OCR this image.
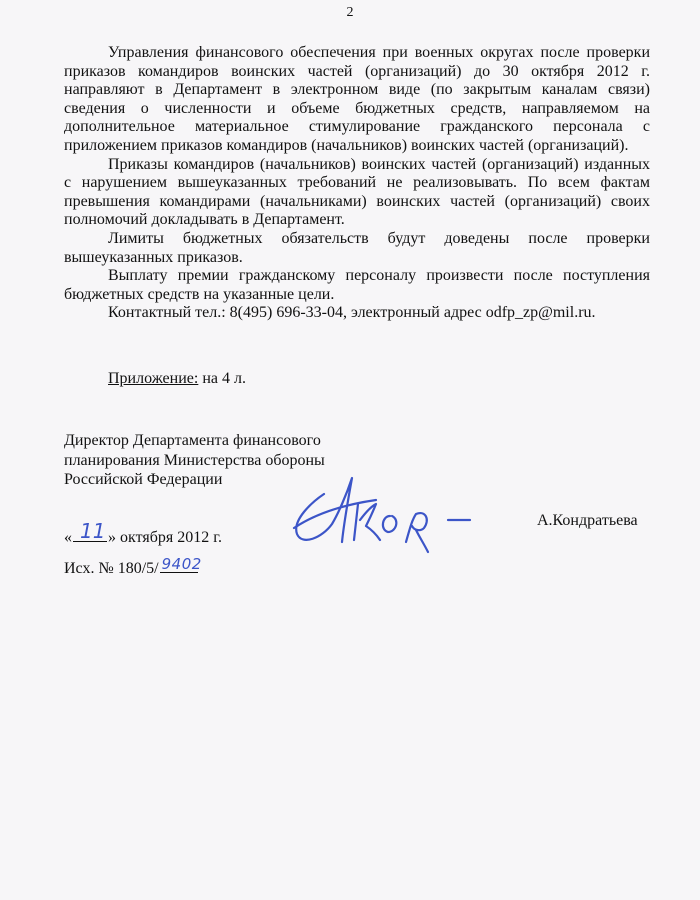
2

Управления финансового обеспечения при военных округах после проверки приказов командиров воинских частей (организаций) до 30 октября 2012 г. направляют в Департамент в электронном виде (по закрытым каналам связи) сведения о численности и объеме бюджетных средств, направляемом на дополнительное материальное стимулирование гражданского персонала с приложением приказов командиров (начальников) воинских частей (организаций).

Приказы командиров (начальников) воинских частей (организаций) изданных с нарушением вышеуказанных требований не реализовывать. По всем фактам превышения командирами (начальниками) воинских частей (организаций) своих полномочий докладывать в Департамент.

Лимиты бюджетных обязательств будут доведены после проверки вышеуказанных приказов.

Выплату премии гражданскому персоналу произвести после поступления бюджетных средств на указанные цели.

Контактный тел.: 8(495) 696-33-04, электронный адрес odfp_zp@mil.ru.

Приложение: на 4 л.
Директор Департамента финансового
планирования Министерства обороны
Российской Федерации
А.Кондратьева
« 11 » октября 2012 г.
Исх. № 180/5/ 9402
